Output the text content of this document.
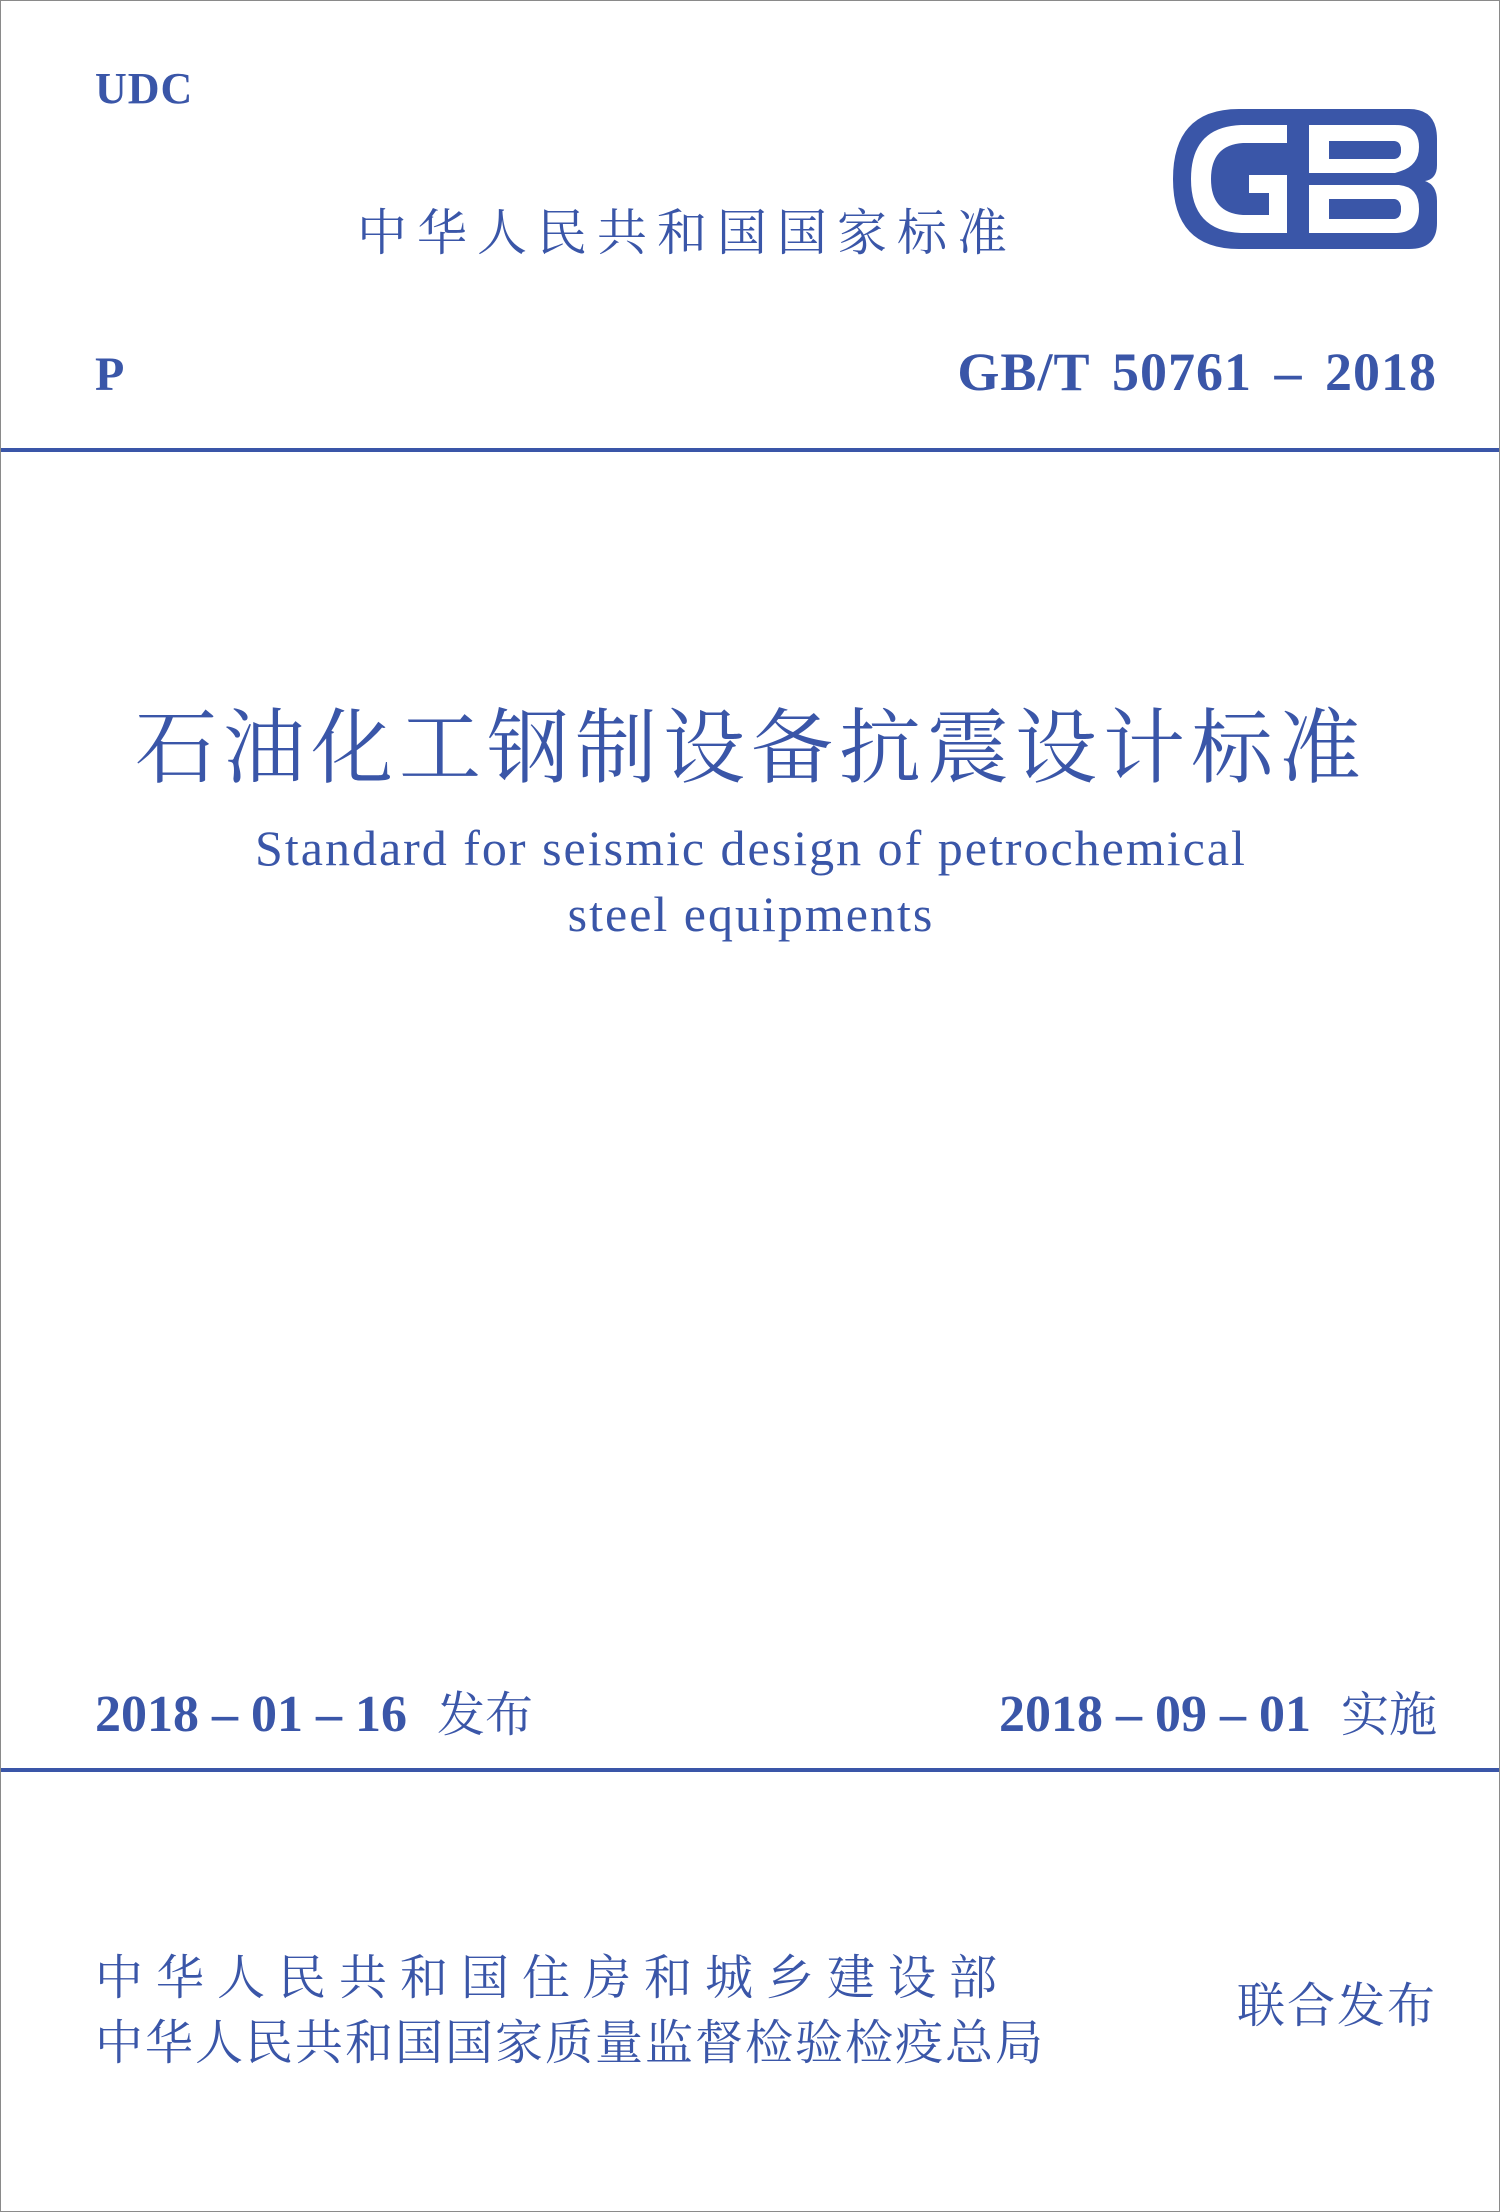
UDC
中华人民共和国国家标准
P	GB/T 50761 – 2018
石油化工钢制设备抗震设计标准
Standard for seismic design of petrochemical
steel equipments
2018 – 01 – 16 发布	2018 – 09 – 01 实施
中华人民共和国住房和城乡建设部
中华人民共和国国家质量监督检验检疫总局
联合发布
